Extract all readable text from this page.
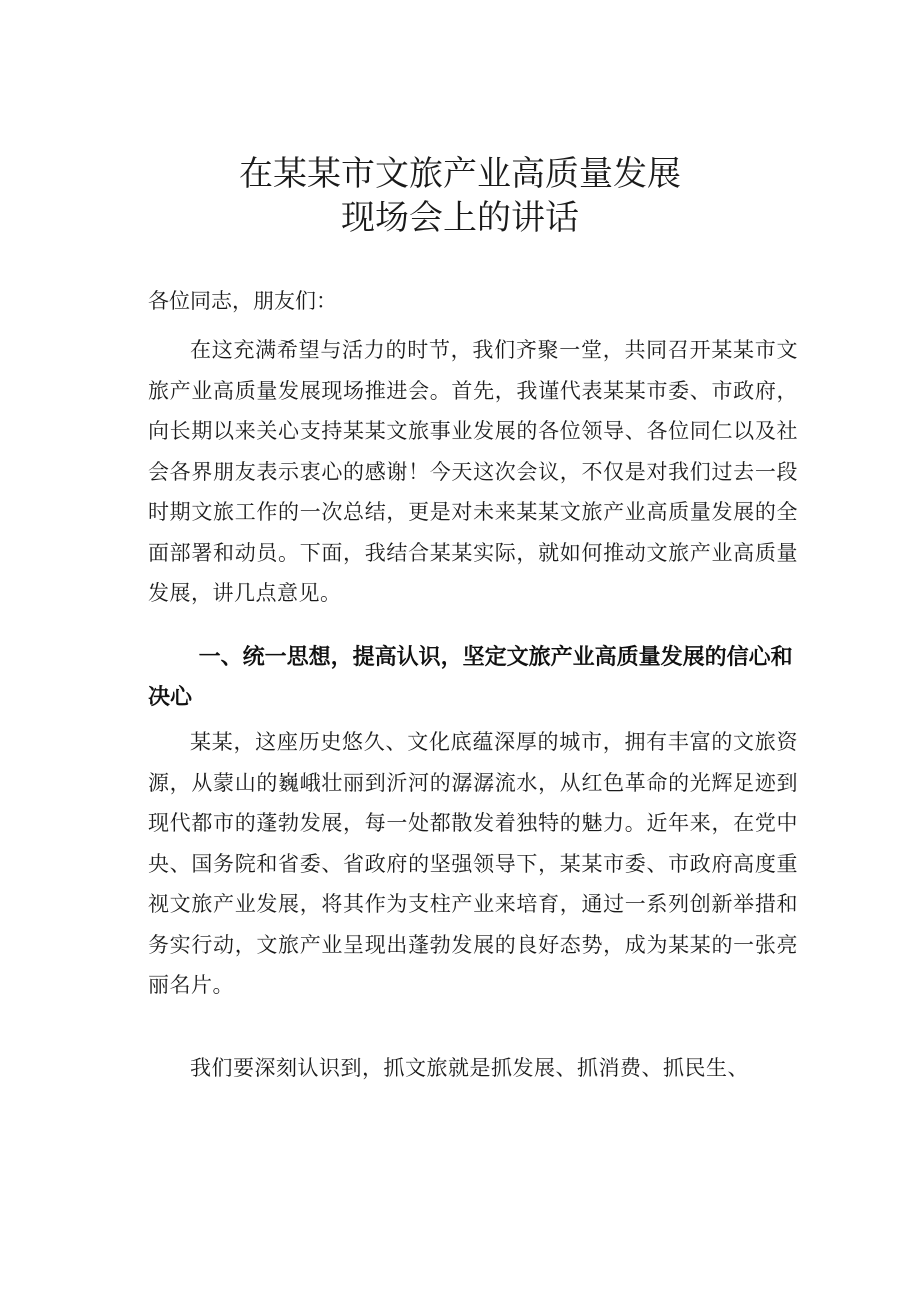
在某某市文旅产业高质量发展
现场会上的讲话

各位同志，朋友们：

在这充满希望与活力的时节，我们齐聚一堂，共同召开某某市文旅产业高质量发展现场推进会。首先，我谨代表某某市委、市政府，向长期以来关心支持某某文旅事业发展的各位领导、各位同仁以及社会各界朋友表示衷心的感谢！今天这次会议，不仅是对我们过去一段时期文旅工作的一次总结，更是对未来某某文旅产业高质量发展的全面部署和动员。下面，我结合某某实际，就如何推动文旅产业高质量发展，讲几点意见。

一、统一思想，提高认识，坚定文旅产业高质量发展的信心和决心

某某，这座历史悠久、文化底蕴深厚的城市，拥有丰富的文旅资源，从蒙山的巍峨壮丽到沂河的潺潺流水，从红色革命的光辉足迹到现代都市的蓬勃发展，每一处都散发着独特的魅力。近年来，在党中央、国务院和省委、省政府的坚强领导下，某某市委、市政府高度重视文旅产业发展，将其作为支柱产业来培育，通过一系列创新举措和务实行动，文旅产业呈现出蓬勃发展的良好态势，成为某某的一张亮丽名片。

我们要深刻认识到，抓文旅就是抓发展、抓消费、抓民生、
